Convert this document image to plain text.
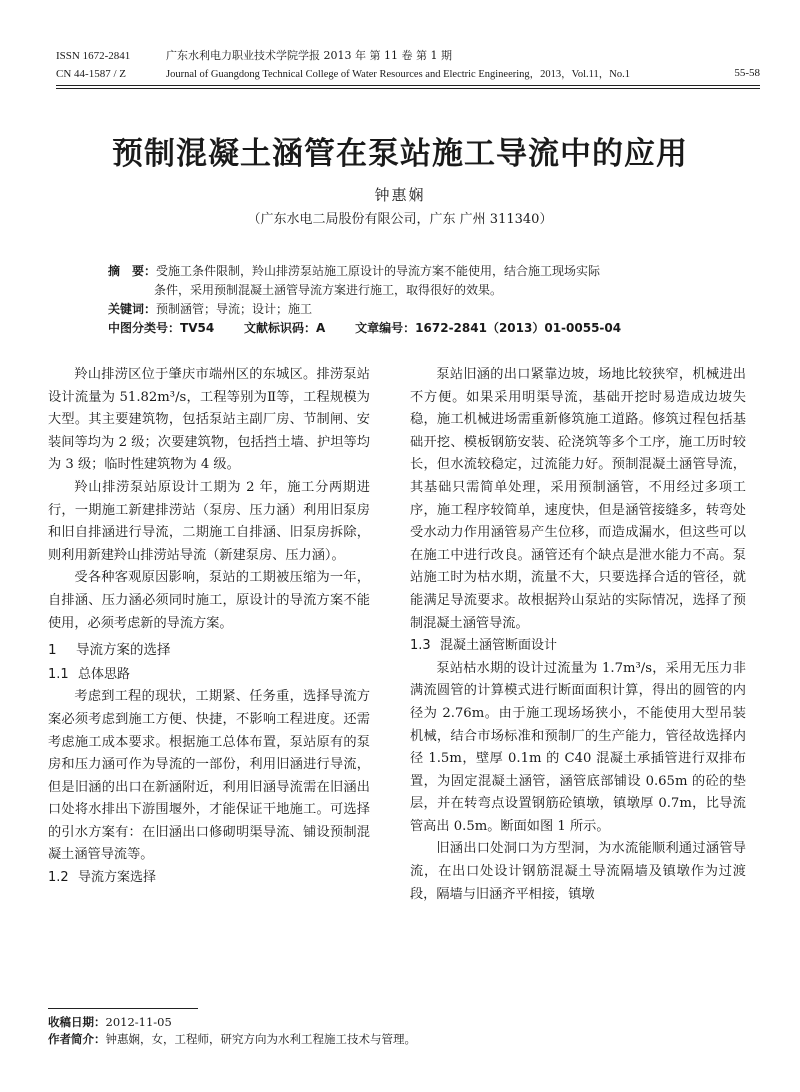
ISSN 1672-2841	广东水利电力职业技术学院学报 2013 年 第 11 卷 第 1 期
CN 44-1587 / Z	Journal of Guangdong Technical College of Water Resources and Electric Engineering，2013，Vol.11，No.1	55-58
预制混凝土涵管在泵站施工导流中的应用
钟惠娴
（广东水电二局股份有限公司，广东 广州 311340）
摘　要：受施工条件限制，羚山排涝泵站施工原设计的导流方案不能使用，结合施工现场实际
条件，采用预制混凝土涵管导流方案进行施工，取得很好的效果。
关键词：预制涵管；导流；设计；施工
中图分类号：TV54 文献标识码：A 文章编号：1672-2841（2013）01-0055-04

羚山排涝区位于肇庆市端州区的东城区。排涝泵站设计流量为 51.82m³/s，工程等别为Ⅱ等，工程规模为大型。其主要建筑物，包括泵站主副厂房、节制闸、安装间等均为 2 级；次要建筑物，包括挡土墙、护坦等均为 3 级；临时性建筑物为 4 级。

羚山排涝泵站原设计工期为 2 年，施工分两期进行，一期施工新建排涝站（泵房、压力涵）利用旧泵房和旧自排涵进行导流，二期施工自排涵、旧泵房拆除，则利用新建羚山排涝站导流（新建泵房、压力涵）。

受各种客观原因影响，泵站的工期被压缩为一年，自排涵、压力涵必须同时施工，原设计的导流方案不能使用，必须考虑新的导流方案。

1 导流方案的选择
1.1 总体思路

考虑到工程的现状，工期紧、任务重，选择导流方案必须考虑到施工方便、快捷，不影响工程进度。还需考虑施工成本要求。根据施工总体布置，泵站原有的泵房和压力涵可作为导流的一部份，利用旧涵进行导流，但是旧涵的出口在新涵附近，利用旧涵导流需在旧涵出口处将水排出下游围堰外，才能保证干地施工。可选择的引水方案有：在旧涵出口修砌明渠导流、铺设预制混凝土涵管导流等。

1.2 导流方案选择

泵站旧涵的出口紧靠边坡，场地比较狭窄，机械进出不方便。如果采用明渠导流，基础开挖时易造成边坡失稳，施工机械进场需重新修筑施工道路。修筑过程包括基础开挖、模板钢筋安装、砼浇筑等多个工序，施工历时较长，但水流较稳定，过流能力好。预制混凝土涵管导流，其基础只需简单处理，采用预制涵管，不用经过多项工序，施工程序较简单，速度快，但是涵管接缝多，转弯处受水动力作用涵管易产生位移，而造成漏水，但这些可以在施工中进行改良。涵管还有个缺点是泄水能力不高。泵站施工时为枯水期，流量不大，只要选择合适的管径，就能满足导流要求。故根据羚山泵站的实际情况，选择了预制混凝土涵管导流。

1.3 混凝土涵管断面设计

泵站枯水期的设计过流量为 1.7m³/s，采用无压力非满流圆管的计算模式进行断面面积计算，得出的圆管的内径为 2.76m。由于施工现场场狭小，不能使用大型吊装机械，结合市场标准和预制厂的生产能力，管径故选择内径 1.5m，壁厚 0.1m 的 C40 混凝土承插管进行双排布置，为固定混凝土涵管，涵管底部铺设 0.65m 的砼的垫层，并在转弯点设置钢筋砼镇墩，镇墩厚 0.7m，比导流管高出 0.5m。断面如图 1 所示。

旧涵出口处洞口为方型洞，为水流能顺利通过涵管导流，在出口处设计钢筋混凝土导流隔墙及镇墩作为过渡段，隔墙与旧涵齐平相接，镇墩

收稿日期：2012-11-05
作者简介：钟惠娴，女，工程师，研究方向为水利工程施工技术与管理。
